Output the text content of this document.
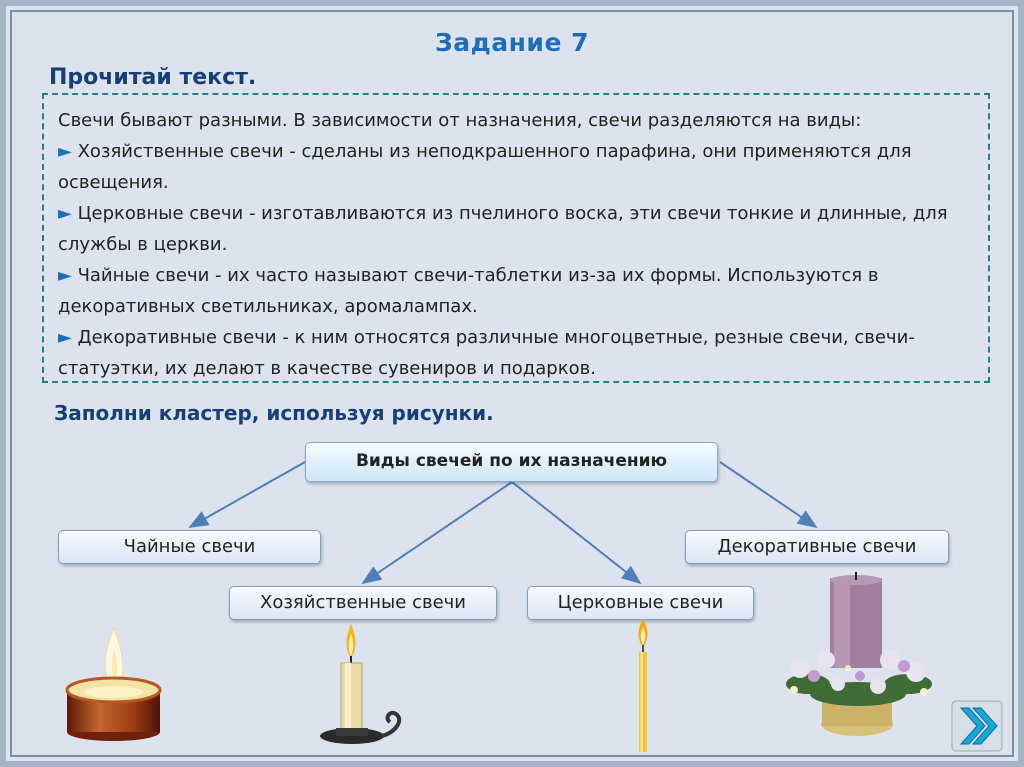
Задание 7
Прочитай текст.

Свечи бывают разными. В зависимости от назначения, свечи разделяются на виды:

► Хозяйственные свечи - сделаны из неподкрашенного парафина, они применяются для освещения.

► Церковные свечи - изготавливаются из пчелиного воска, эти свечи тонкие и длинные, для службы в церкви.

► Чайные свечи - их часто называют свечи-таблетки из-за их формы. Используются в декоративных светильниках, аромалампах.

► Декоративные свечи - к ним относятся различные многоцветные, резные свечи, свечи-статуэтки, их делают в качестве сувениров и подарков.

Заполни кластер, используя рисунки.
Виды свечей по их назначению
Чайные свечи	Декоративные свечи
Хозяйственные свечи	Церковные свечи
